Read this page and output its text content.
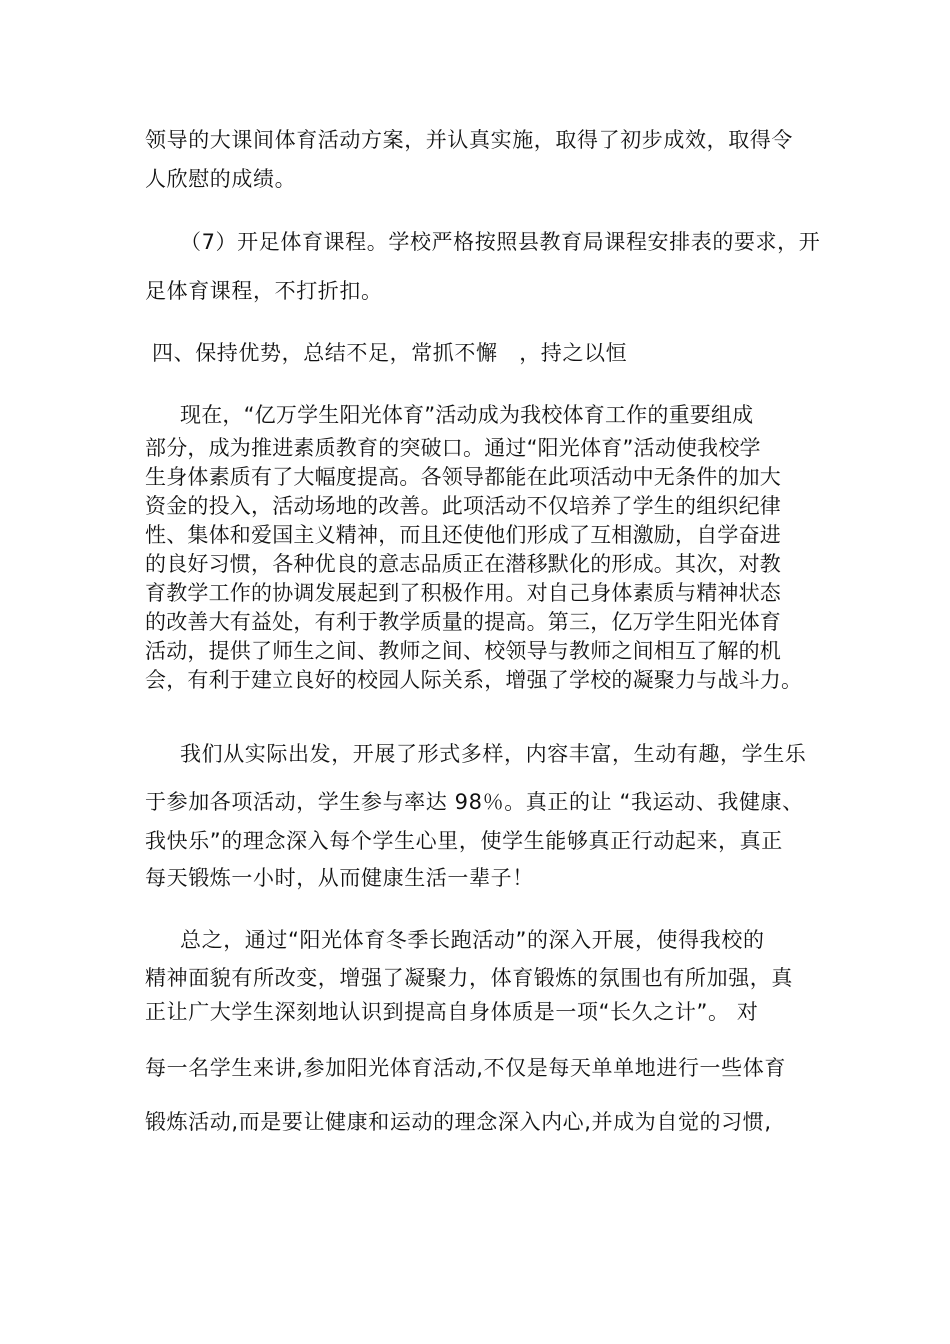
领导的大课间体育活动方案，并认真实施，取得了初步成效，取得令
人欣慰的成绩。
（7）开足体育课程。学校严格按照县教育局课程安排表的要求，开
足体育课程，不打折扣。
四、保持优势，总结不足，常抓不懈　，持之以恒
现在，“亿万学生阳光体育”活动成为我校体育工作的重要组成
部分，成为推进素质教育的突破口。通过“阳光体育”活动使我校学
生身体素质有了大幅度提高。各领导都能在此项活动中无条件的加大
资金的投入，活动场地的改善。此项活动不仅培养了学生的组织纪律
性、集体和爱国主义精神，而且还使他们形成了互相激励，自学奋进
的良好习惯，各种优良的意志品质正在潜移默化的形成。其次，对教
育教学工作的协调发展起到了积极作用。对自己身体素质与精神状态
的改善大有益处，有利于教学质量的提高。第三，亿万学生阳光体育
活动，提供了师生之间、教师之间、校领导与教师之间相互了解的机
会，有利于建立良好的校园人际关系，增强了学校的凝聚力与战斗力。
我们从实际出发，开展了形式多样，内容丰富，生动有趣，学生乐
于参加各项活动，学生参与率达 98％。真正的让 “我运动、我健康、
我快乐”的理念深入每个学生心里，使学生能够真正行动起来，真正
每天锻炼一小时，从而健康生活一辈子！
总之，通过“阳光体育冬季长跑活动”的深入开展，使得我校的
精神面貌有所改变，增强了凝聚力，体育锻炼的氛围也有所加强，真
正让广大学生深刻地认识到提高自身体质是一项“长久之计”。 对
每一名学生来讲,参加阳光体育活动,不仅是每天单单地进行一些体育
锻炼活动,而是要让健康和运动的理念深入内心,并成为自觉的习惯,
